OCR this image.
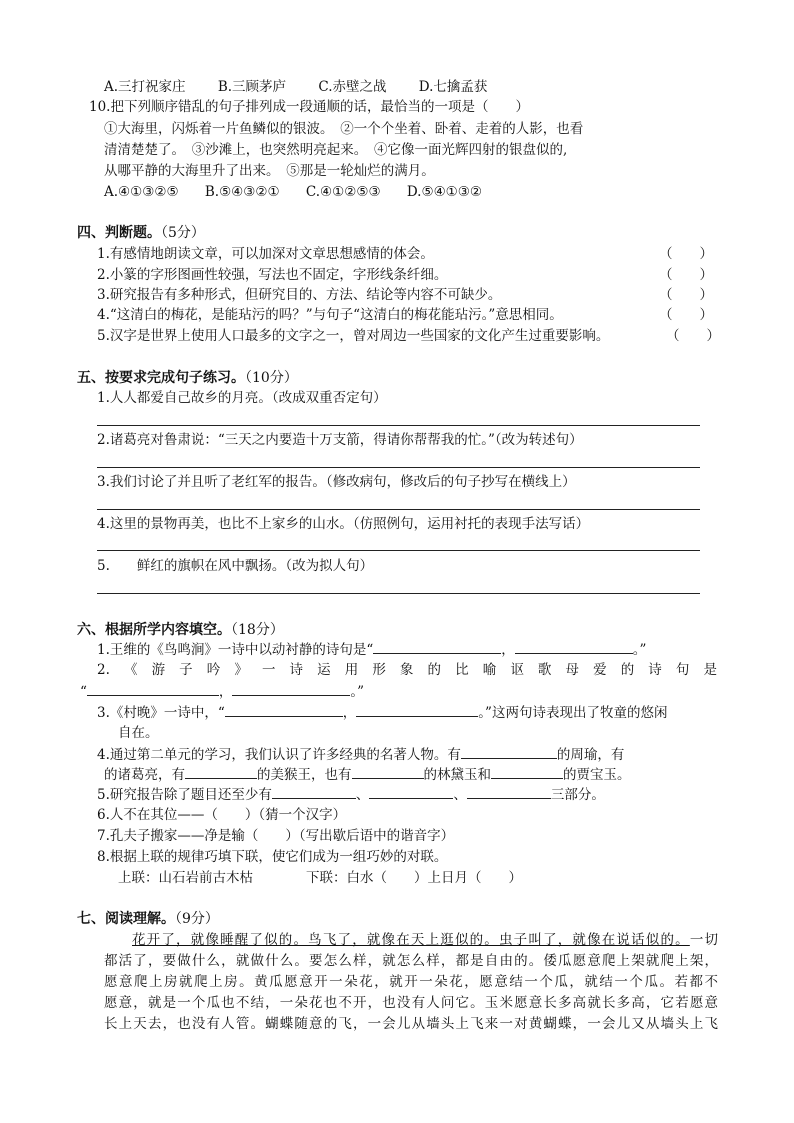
A.三打祝家庄 B.三顾茅庐 C.赤壁之战 D.七擒孟获
10.把下列顺序错乱的句子排列成一段通顺的话，最恰当的一项是（　　）
①大海里，闪烁着一片鱼鳞似的银波。　②一个个坐着、卧着、走着的人影，也看
清清楚楚了。　③沙滩上，也突然明亮起来。　④它像一面光辉四射的银盘似的,
从哪平静的大海里升了出来。　⑤那是一轮灿烂的满月。
A.④①③②⑤ B.⑤④③②① C.④①②⑤③ D.⑤④①③②
四、判断题。（5分）
1.有感情地朗读文章，可以加深对文章思想感情的体会。	（　　）
2.小篆的字形图画性较强，写法也不固定，字形线条纤细。	（　　）
3.研究报告有多种形式，但研究目的、方法、结论等内容不可缺少。	（　　）
4.“这清白的梅花，是能玷污的吗？”与句子“这清白的梅花能玷污。”意思相同。	（　　）
5.汉字是世界上使用人口最多的文字之一，曾对周边一些国家的文化产生过重要影响。	（　　）
五、按要求完成句子练习。（10分）
1.人人都爱自己故乡的月亮。（改成双重否定句）
2.诸葛亮对鲁肃说：“三天之内要造十万支箭，得请你帮帮我的忙。”（改为转述句）
3.我们讨论了并且听了老红军的报告。（修改病句，修改后的句子抄写在横线上）
4.这里的景物再美，也比不上家乡的山水。（仿照例句，运用衬托的表现手法写话）
5.　　鲜红的旗帜在风中飘扬。（改为拟人句）
六、根据所学内容填空。（18分）
1.王维的《鸟鸣涧》一诗中以动衬静的诗句是“	，	。”
2.《游子吟》一诗运用形象的比喻讴歌母爱的诗句是
“	，	。”
3.《村晚》一诗中，“	，	。”这两句诗表现出了牧童的悠闲
自在。
4.通过第二单元的学习，我们认识了许多经典的名著人物。有	的周瑜，有
的诸葛亮，有	的美猴王，也有	的林黛玉和	的贾宝玉。
5.研究报告除了题目还至少有	、	、	三部分。
6.人不在其位——（　　）（猜一个汉字）
7.孔夫子搬家——净是输（　　）（写出歇后语中的谐音字）
8.根据上联的规律巧填下联，使它们成为一组巧妙的对联。
上联：山石岩前古木枯	下联：白水（　　）上日月（　　）
七、阅读理解。（9分）
花开了，就像睡醒了似的。鸟飞了，就像在天上逛似的。虫子叫了，就像在说话似的。一切
都活了，要做什么，就做什么。要怎么样，就怎么样，都是自由的。倭瓜愿意爬上架就爬上架，
愿意爬上房就爬上房。黄瓜愿意开一朵花，就开一朵花，愿意结一个瓜，就结一个瓜。若都不
愿意，就是一个瓜也不结，一朵花也不开，也没有人问它。玉米愿意长多高就长多高，它若愿意
长上天去，也没有人管。蝴蝶随意的飞，一会儿从墙头上飞来一对黄蝴蝶，一会儿又从墙头上飞
